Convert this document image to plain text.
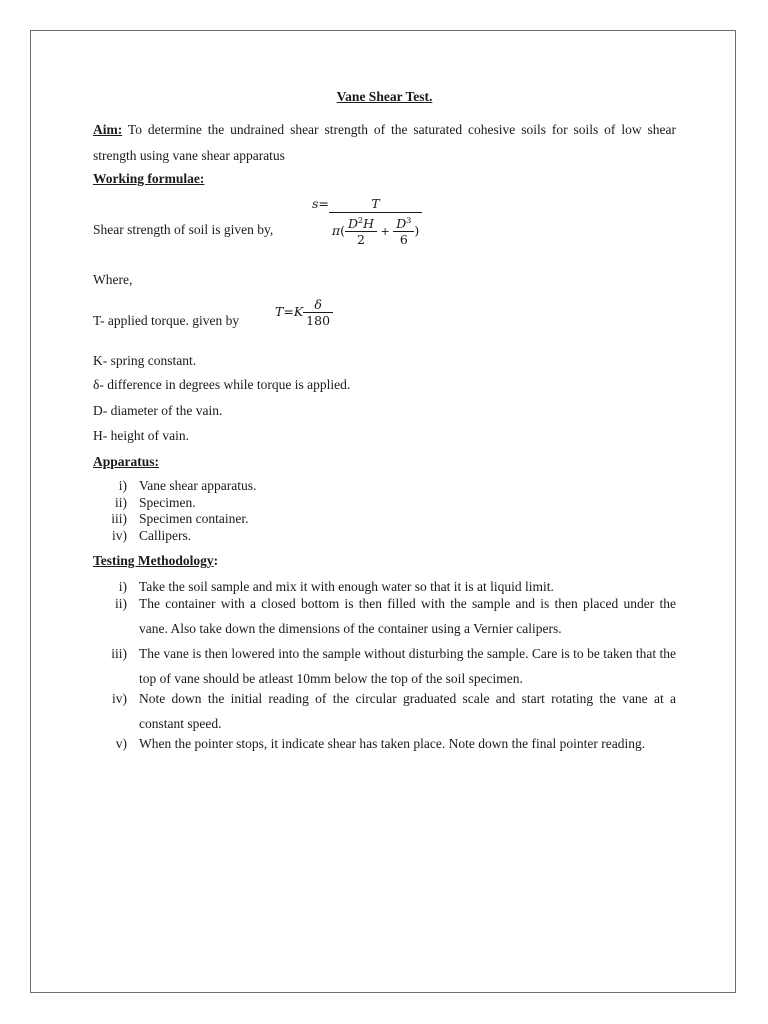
Vane Shear Test.
Aim: To determine the undrained shear strength of the saturated cohesive soils for soils of low shear strength using vane shear apparatus
Working formulae:
Shear strength of soil is given by,
$s= \frac{T}{\pi( \frac{D^2H}{2} + \frac{D^3}{6} )}$
Where,
T- applied torque. given by
$T=K \frac{\delta}{180}$
K- spring constant.
δ- difference in degrees while torque is applied.
D- diameter of the vain.
H- height of vain.
Apparatus:
i) Vane shear apparatus.
ii) Specimen.
iii) Specimen container.
iv) Callipers.
Testing Methodology:
i) Take the soil sample and mix it with enough water so that it is at liquid limit.
ii) The container with a closed bottom is then filled with the sample and is then placed under the vane. Also take down the dimensions of the container using a Vernier calipers.
iii) The vane is then lowered into the sample without disturbing the sample. Care is to be taken that the top of vane should be atleast 10mm below the top of the soil specimen.
iv) Note down the initial reading of the circular graduated scale and start rotating the vane at a constant speed.
v) When the pointer stops, it indicate shear has taken place. Note down the final pointer reading.
